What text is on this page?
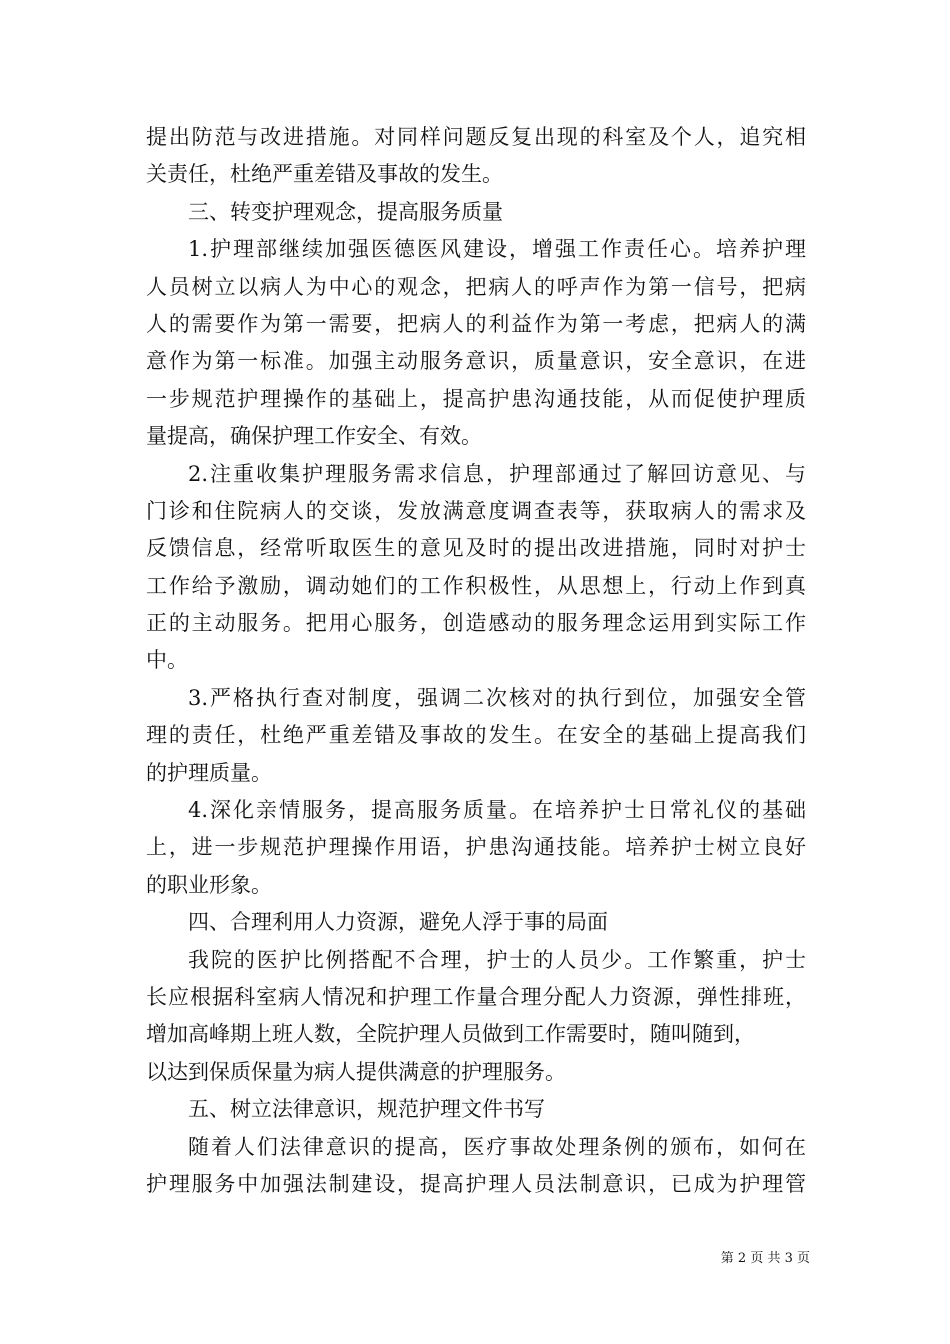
提出防范与改进措施。对同样问题反复出现的科室及个人，追究相
关责任，杜绝严重差错及事故的发生。
三、转变护理观念，提高服务质量
1.护理部继续加强医德医风建设，增强工作责任心。培养护理
人员树立以病人为中心的观念，把病人的呼声作为第一信号，把病
人的需要作为第一需要，把病人的利益作为第一考虑，把病人的满
意作为第一标准。加强主动服务意识，质量意识，安全意识，在进
一步规范护理操作的基础上，提高护患沟通技能，从而促使护理质
量提高，确保护理工作安全、有效。
2.注重收集护理服务需求信息，护理部通过了解回访意见、与
门诊和住院病人的交谈，发放满意度调查表等，获取病人的需求及
反馈信息，经常听取医生的意见及时的提出改进措施，同时对护士
工作给予激励，调动她们的工作积极性，从思想上，行动上作到真
正的主动服务。把用心服务，创造感动的服务理念运用到实际工作
中。
3.严格执行查对制度，强调二次核对的执行到位，加强安全管
理的责任，杜绝严重差错及事故的发生。在安全的基础上提高我们
的护理质量。
4.深化亲情服务，提高服务质量。在培养护士日常礼仪的基础
上，进一步规范护理操作用语，护患沟通技能。培养护士树立良好
的职业形象。
四、合理利用人力资源，避免人浮于事的局面
我院的医护比例搭配不合理，护士的人员少。工作繁重，护士
长应根据科室病人情况和护理工作量合理分配人力资源，弹性排班，
增加高峰期上班人数，全院护理人员做到工作需要时，随叫随到，
以达到保质保量为病人提供满意的护理服务。
五、树立法律意识，规范护理文件书写
随着人们法律意识的提高，医疗事故处理条例的颁布，如何在
护理服务中加强法制建设，提高护理人员法制意识，已成为护理管
第 2 页 共 3 页
